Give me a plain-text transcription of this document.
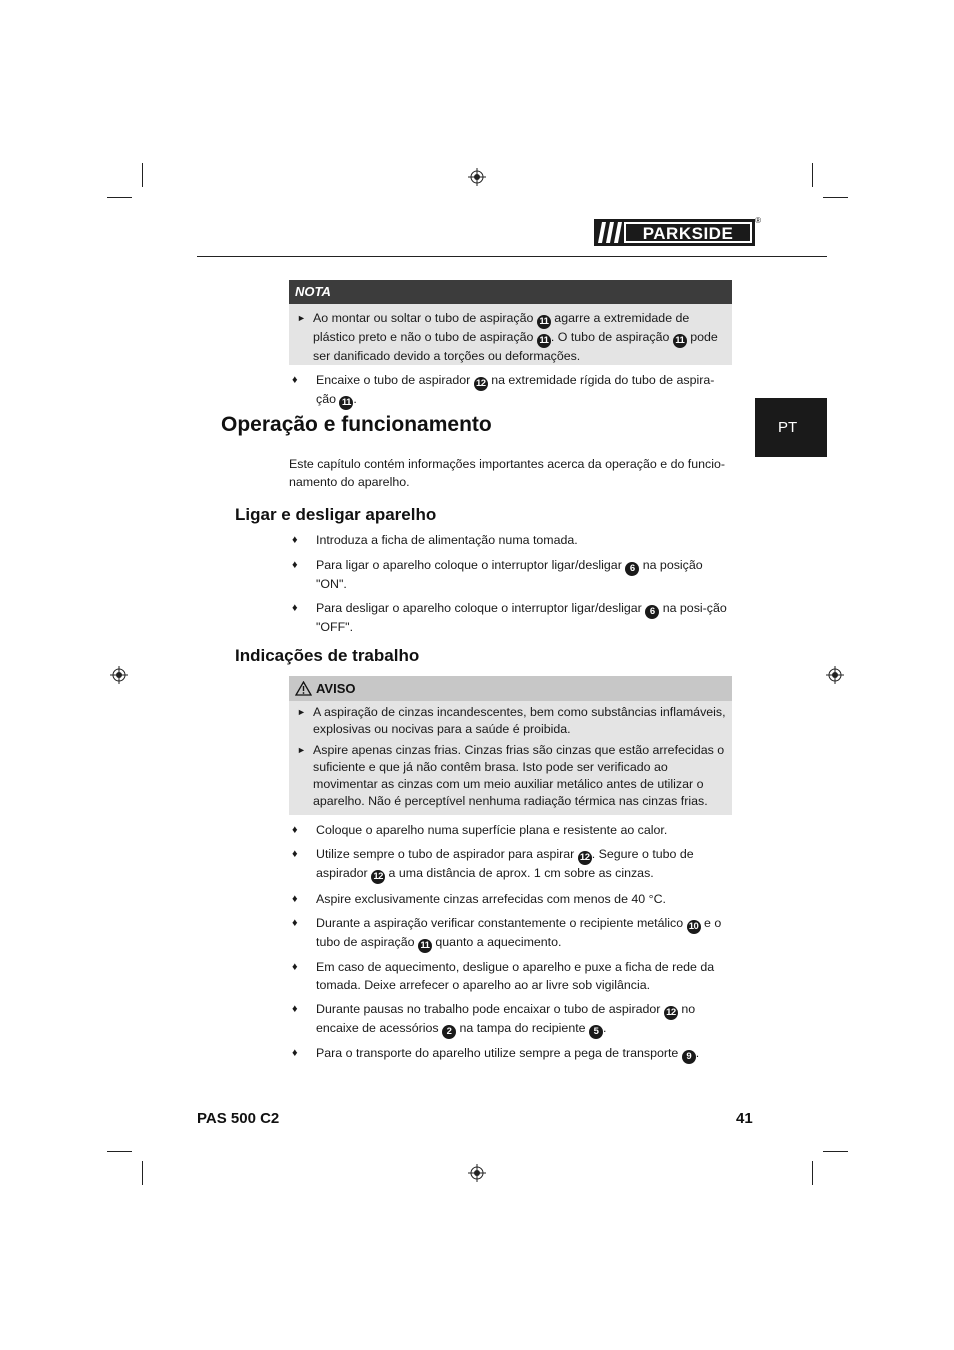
PARKSIDE
®
PT
NOTA
► Ao montar ou soltar o tubo de aspiração 11 agarre a extremidade de plástico preto e não o tubo de aspiração 11 . O tubo de aspiração 11 pode ser danificado devido a torções ou deformações.
♦ Encaixe o tubo de aspirador 12 na extremidade rígida do tubo de aspira-ção 11 .
Operação e funcionamento
Este capítulo contém informações importantes acerca da operação e do funcio-namento do aparelho.
Ligar e desligar aparelho
♦ Introduza a ficha de alimentação numa tomada.
♦ Para ligar o aparelho coloque o interruptor ligar/desligar 6 na posição "ON".
♦ Para desligar o aparelho coloque o interruptor ligar/desligar 6 na posi-ção "OFF".
Indicações de trabalho
AVISO
► A aspiração de cinzas incandescentes, bem como substâncias inflamáveis, explosivas ou nocivas para a saúde é proibida.
► Aspire apenas cinzas frias. Cinzas frias são cinzas que estão arrefecidas o suficiente e que já não contêm brasa. Isto pode ser verificado ao movimentar as cinzas com um meio auxiliar metálico antes de utilizar o aparelho. Não é perceptível nenhuma radiação térmica nas cinzas frias.
♦ Coloque o aparelho numa superfície plana e resistente ao calor.
♦ Utilize sempre o tubo de aspirador para aspirar 12 . Segure o tubo de aspirador 12 a uma distância de aprox. 1 cm sobre as cinzas.
♦ Aspire exclusivamente cinzas arrefecidas com menos de 40 °C.
♦ Durante a aspiração verificar constantemente o recipiente metálico 10 e o tubo de aspiração 11 quanto a aquecimento.
♦ Em caso de aquecimento, desligue o aparelho e puxe a ficha de rede da tomada. Deixe arrefecer o aparelho ao ar livre sob vigilância.
♦ Durante pausas no trabalho pode encaixar o tubo de aspirador 12 no encaixe de acessórios 2 na tampa do recipiente 5 .
♦ Para o transporte do aparelho utilize sempre a pega de transporte 9 .
PAS 500 C2	41
